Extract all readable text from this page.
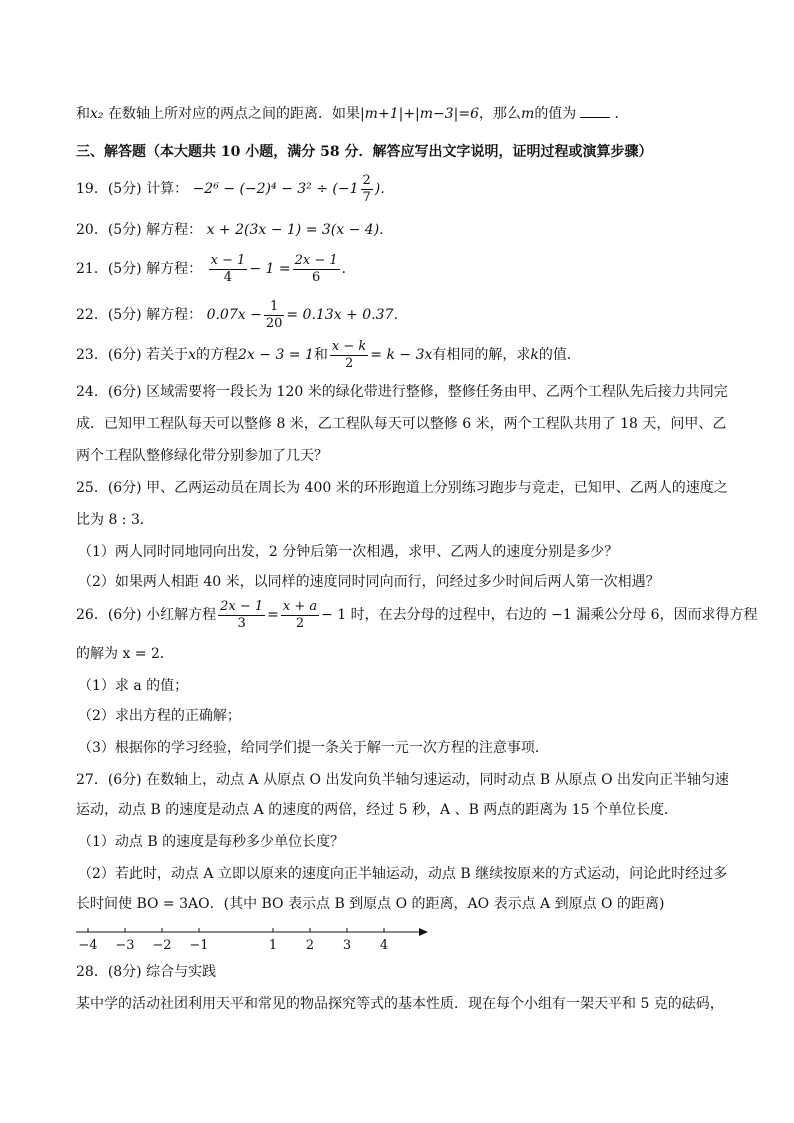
和x₂ 在数轴上所对应的两点之间的距离．如果|m+1|+|m−3|=6，那么m的值为	．
三、解答题（本大题共 10 小题，满分 58 分．解答应写出文字说明，证明过程或演算步骤）
19．(5分) 计算： $-2^6 - (-2)^4 - 3^2 \div (-1 \frac{2}{7}$ )．
20．(5分) 解方程： x + 2(3x − 1) = 3(x − 4)．
21．(5分) 解方程： $\frac{x - 1}{4} - 1 = \frac{2x - 1}{6}$ ．
22．(5分) 解方程： $0.07x - \frac{1}{20} = 0.13x + 0.37$．
23．(6分) 若关于x的方程2x − 3 = 1和 $\frac{x - k}{2} = k - 3x$有相同的解，求k的值．
24．(6分) 区域需要将一段长为 120 米的绿化带进行整修，整修任务由甲、乙两个工程队先后接力共同完
成．已知甲工程队每天可以整修 8 米，乙工程队每天可以整修 6 米，两个工程队共用了 18 天，问甲、乙
两个工程队整修绿化带分别参加了几天？
25．(6分) 甲、乙两运动员在周长为 400 米的环形跑道上分别练习跑步与竞走，已知甲、乙两人的速度之
比为 8 : 3．
（1）两人同时同地同向出发，2 分钟后第一次相遇，求甲、乙两人的速度分别是多少？
（2）如果两人相距 40 米，以同样的速度同时同向而行，问经过多少时间后两人第一次相遇？
26．(6分) 小红解方程 $\frac{2x - 1}{3} = \frac{x + a}{2} - 1$ 时，在去分母的过程中，右边的 −1 漏乘公分母 6，因而求得方程
的解为 x = 2．
（1）求 a 的值；
（2）求出方程的正确解；
（3）根据你的学习经验，给同学们提一条关于解一元一次方程的注意事项．
27．(6分) 在数轴上，动点 A 从原点 O 出发向负半轴匀速运动，同时动点 B 从原点 O 出发向正半轴匀速
运动，动点 B 的速度是动点 A 的速度的两倍，经过 5 秒，A 、B 两点的距离为 15 个单位长度．
（1）动点 B 的速度是每秒多少单位长度？
（2）若此时，动点 A 立即以原来的速度向正半轴运动，动点 B 继续按原来的方式运动，问论此时经过多
长时间使 BO = 3AO．(其中 BO 表示点 B 到原点 O 的距离，AO 表示点 A 到原点 O 的距离)
−4 −3 −2 −1	1 2 3 4
28．(8分) 综合与实践
某中学的活动社团利用天平和常见的物品探究等式的基本性质．现在每个小组有一架天平和 5 克的砝码，
